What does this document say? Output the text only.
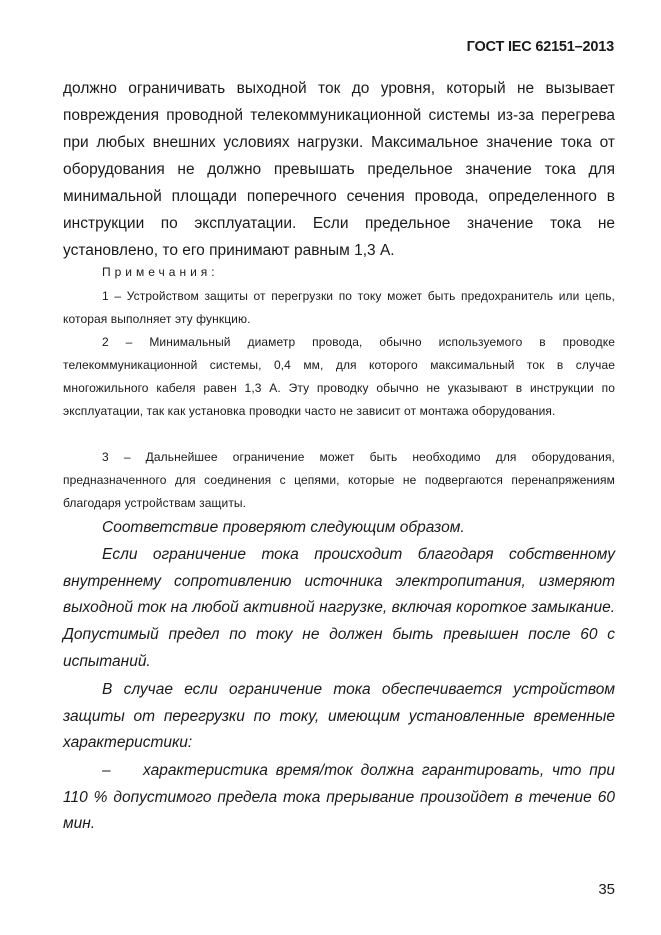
ГОСТ IEC 62151–2013
должно ограничивать выходной ток до уровня, который не вызывает повреждения проводной телекоммуникационной системы из-за перегрева при любых внешних условиях нагрузки. Максимальное значение тока от оборудования не должно превышать предельное значение тока для минимальной площади поперечного сечения провода, определенного в инструкции по эксплуатации. Если предельное значение тока не установлено, то его принимают равным 1,3 А.
Примечания:
1 – Устройством защиты от перегрузки по току может быть предохранитель или цепь, которая выполняет эту функцию.
2 – Минимальный диаметр провода, обычно используемого в проводке телекоммуникационной системы, 0,4 мм, для которого максимальный ток в случае многожильного кабеля равен 1,3 А. Эту проводку обычно не указывают в инструкции по эксплуатации, так как установка проводки часто не зависит от монтажа оборудования.
3 – Дальнейшее ограничение может быть необходимо для оборудования, предназначенного для соединения с цепями, которые не подвергаются перенапряжениям благодаря устройствам защиты.
Соответствие проверяют следующим образом.
Если ограничение тока происходит благодаря собственному внутреннему сопротивлению источника электропитания, измеряют выходной ток на любой активной нагрузке, включая короткое замыкание. Допустимый предел по току не должен быть превышен после 60 с испытаний.
В случае если ограничение тока обеспечивается устройством защиты от перегрузки по току, имеющим установленные временные характеристики:
– характеристика время/ток должна гарантировать, что при 110 % допустимого предела тока прерывание произойдет в течение 60 мин.
35
